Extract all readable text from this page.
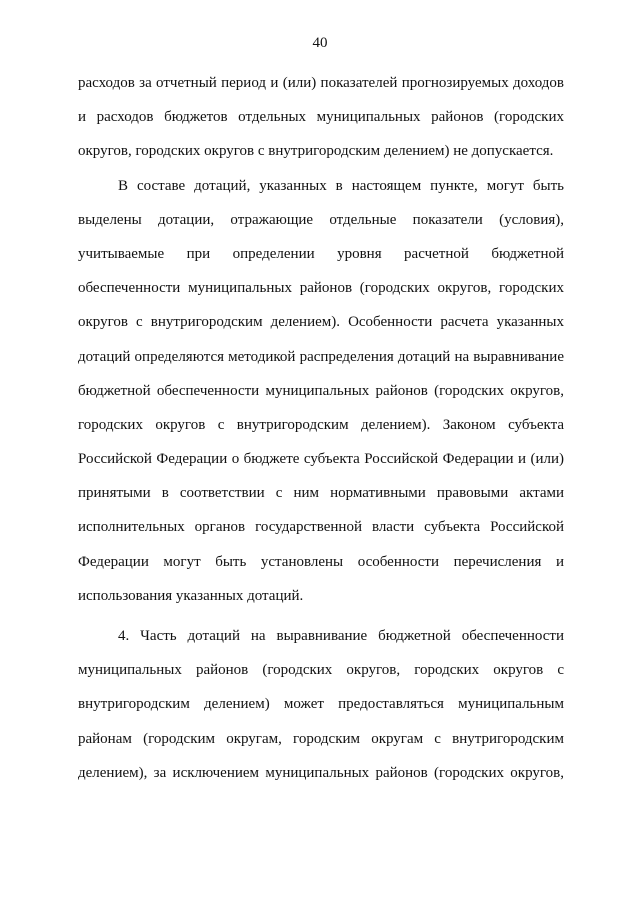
40
расходов за отчетный период и (или) показателей прогнозируемых доходов
и расходов бюджетов отдельных муниципальных районов (городских
округов, городских округов с внутригородским делением) не допускается.
В составе дотаций, указанных в настоящем пункте, могут быть
выделены дотации, отражающие отдельные показатели (условия),
учитываемые при определении уровня расчетной бюджетной
обеспеченности муниципальных районов (городских округов, городских
округов с внутригородским делением). Особенности расчета указанных
дотаций определяются методикой распределения дотаций на выравнивание
бюджетной обеспеченности муниципальных районов (городских округов,
городских округов с внутригородским делением). Законом субъекта
Российской Федерации о бюджете субъекта Российской Федерации и (или)
принятыми в соответствии с ним нормативными правовыми актами
исполнительных органов государственной власти субъекта Российской
Федерации могут быть установлены особенности перечисления и
использования указанных дотаций.
4. Часть дотаций на выравнивание бюджетной обеспеченности
муниципальных районов (городских округов, городских округов с
внутригородским делением) может предоставляться муниципальным
районам (городским округам, городским округам с внутригородским
делением), за исключением муниципальных районов (городских округов,
